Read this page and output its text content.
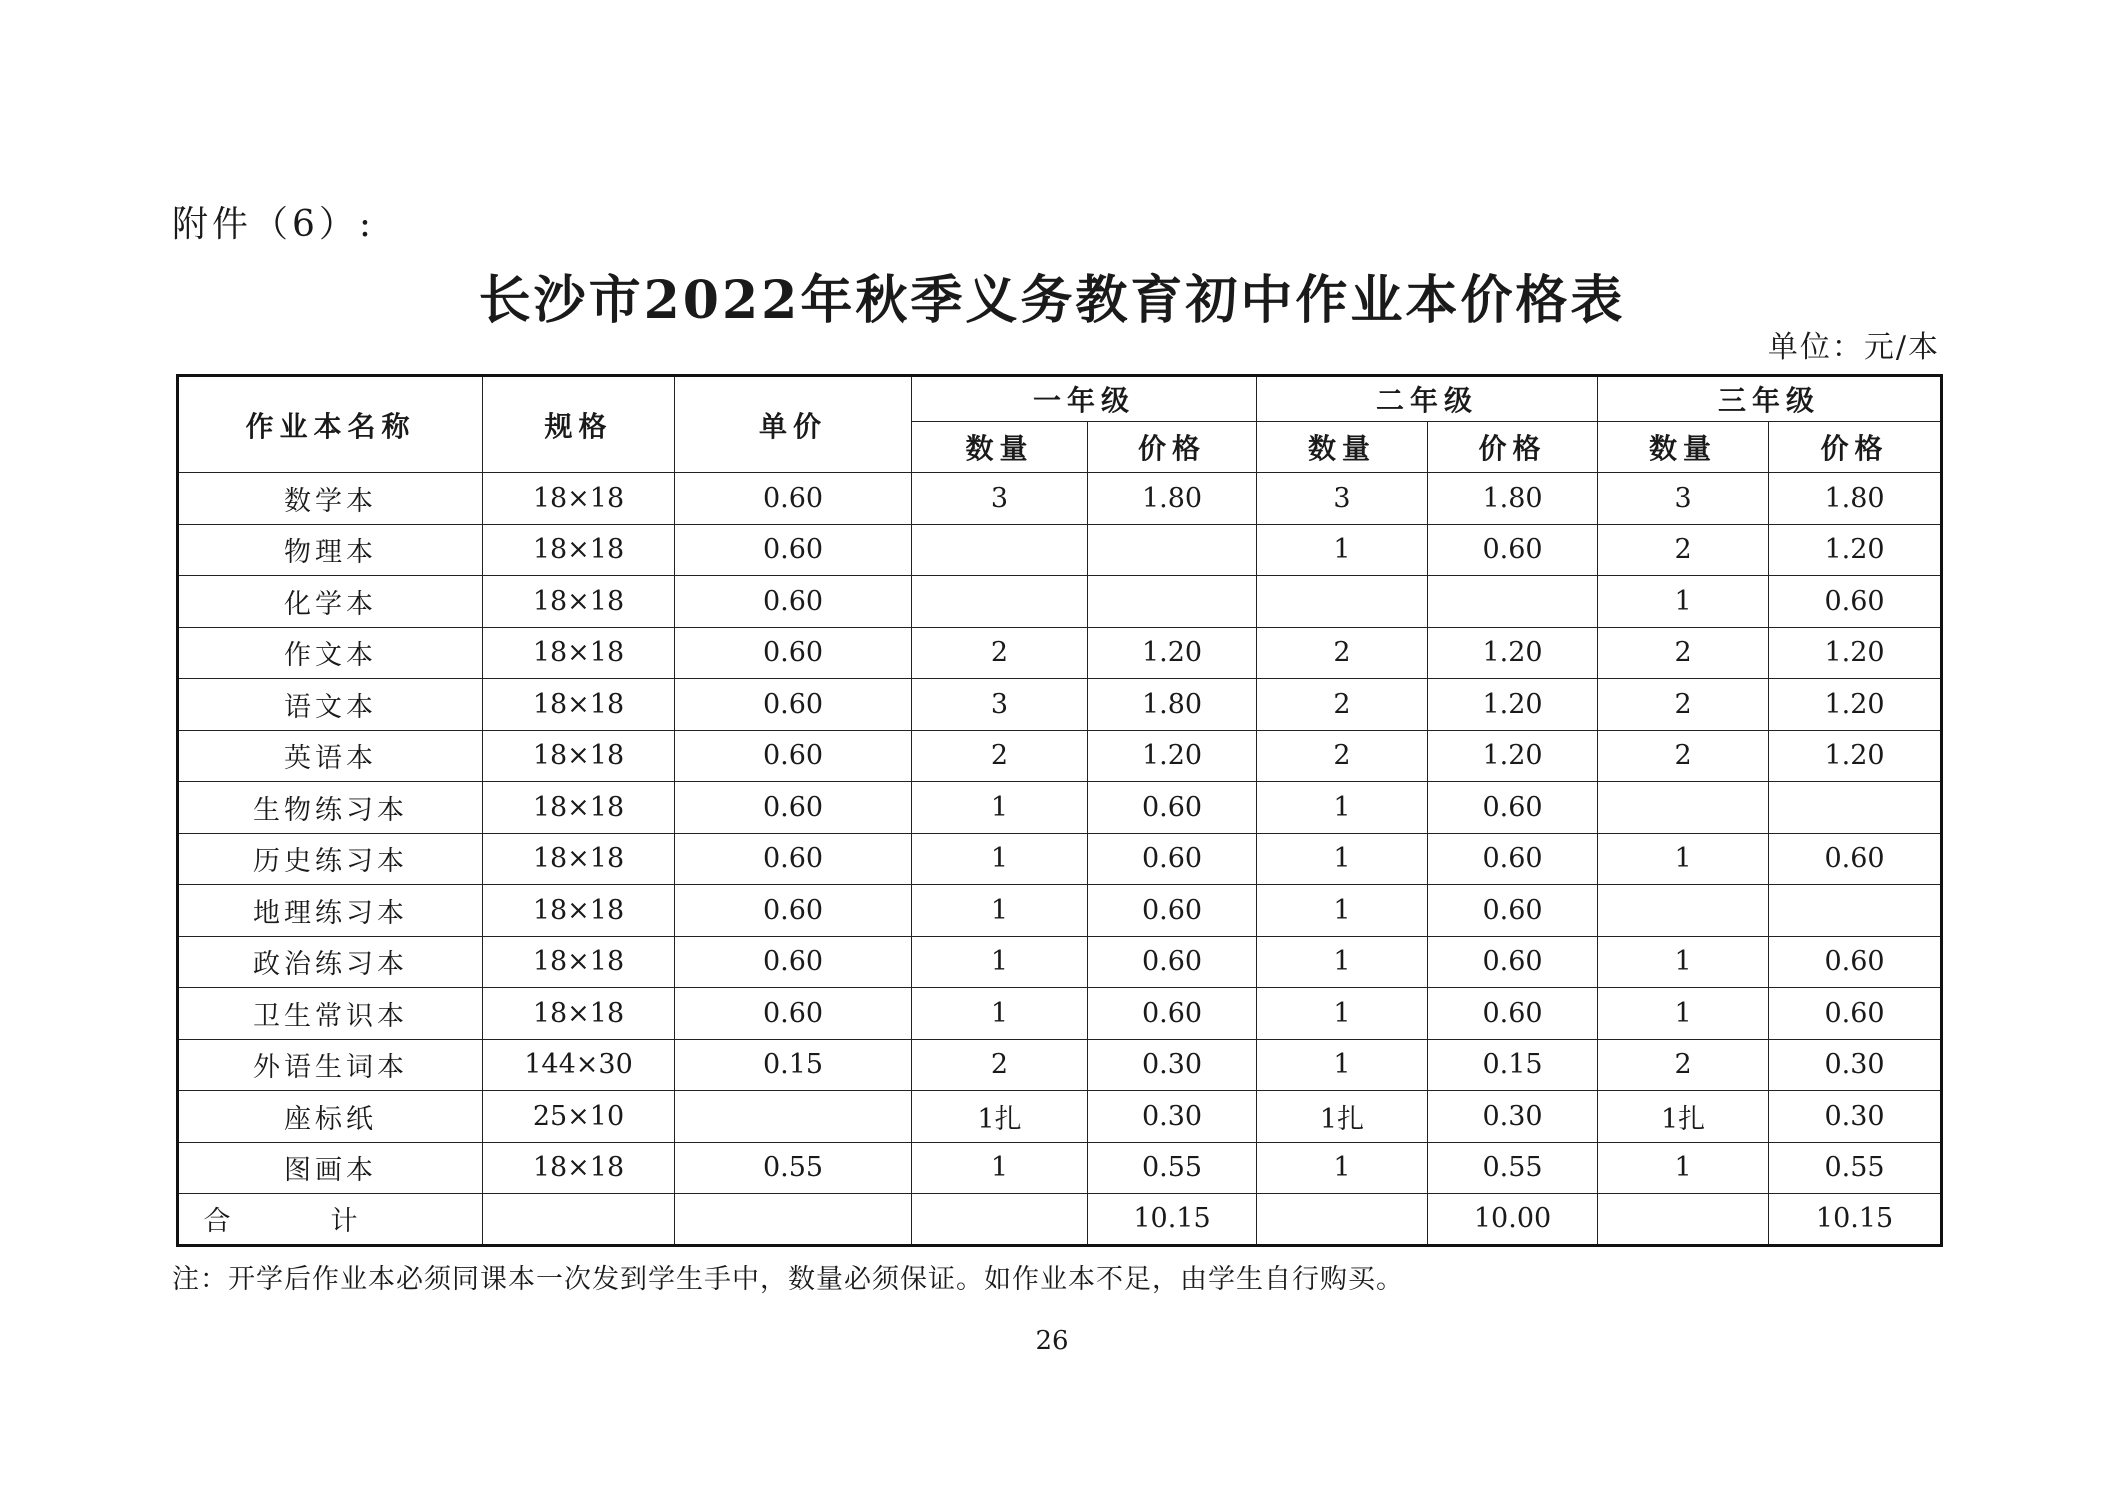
附件（6）:
长沙市2022年秋季义务教育初中作业本价格表
单位：元/本
作业本名称	规格	单价	一年级		二年级		三年级	
			数量	价格	数量	价格	数量	价格
数学本	18×18	0.60	3	1.80	3	1.80	3	1.80
物理本	18×18	0.60			1	0.60	2	1.20
化学本	18×18	0.60					1	0.60
作文本	18×18	0.60	2	1.20	2	1.20	2	1.20
语文本	18×18	0.60	3	1.80	2	1.20	2	1.20
英语本	18×18	0.60	2	1.20	2	1.20	2	1.20
生物练习本	18×18	0.60	1	0.60	1	0.60		
历史练习本	18×18	0.60	1	0.60	1	0.60	1	0.60
地理练习本	18×18	0.60	1	0.60	1	0.60		
政治练习本	18×18	0.60	1	0.60	1	0.60	1	0.60
卫生常识本	18×18	0.60	1	0.60	1	0.60	1	0.60
外语生词本	144×30	0.15	2	0.30	1	0.15	2	0.30
座标纸	25×10		1扎	0.30	1扎	0.30	1扎	0.30
图画本	18×18	0.55	1	0.55	1	0.55	1	0.55
合计				10.15		10.00		10.15
注：开学后作业本必须同课本一次发到学生手中，数量必须保证。如作业本不足，由学生自行购买。
26
